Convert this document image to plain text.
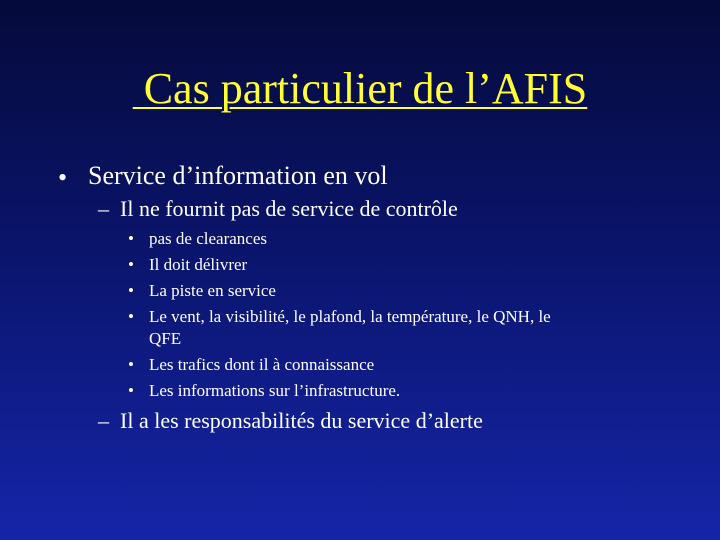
Cas particulier de l’AFIS
• Service d’information en vol
– Il ne fournit pas de service de contrôle
• pas de clearances
• Il doit délivrer
• La piste en service
• Le vent, la visibilité, le plafond, la température, le QNH, le
QFE
• Les trafics dont il à connaissance
• Les informations sur l’infrastructure.
– Il a les responsabilités du service d’alerte
